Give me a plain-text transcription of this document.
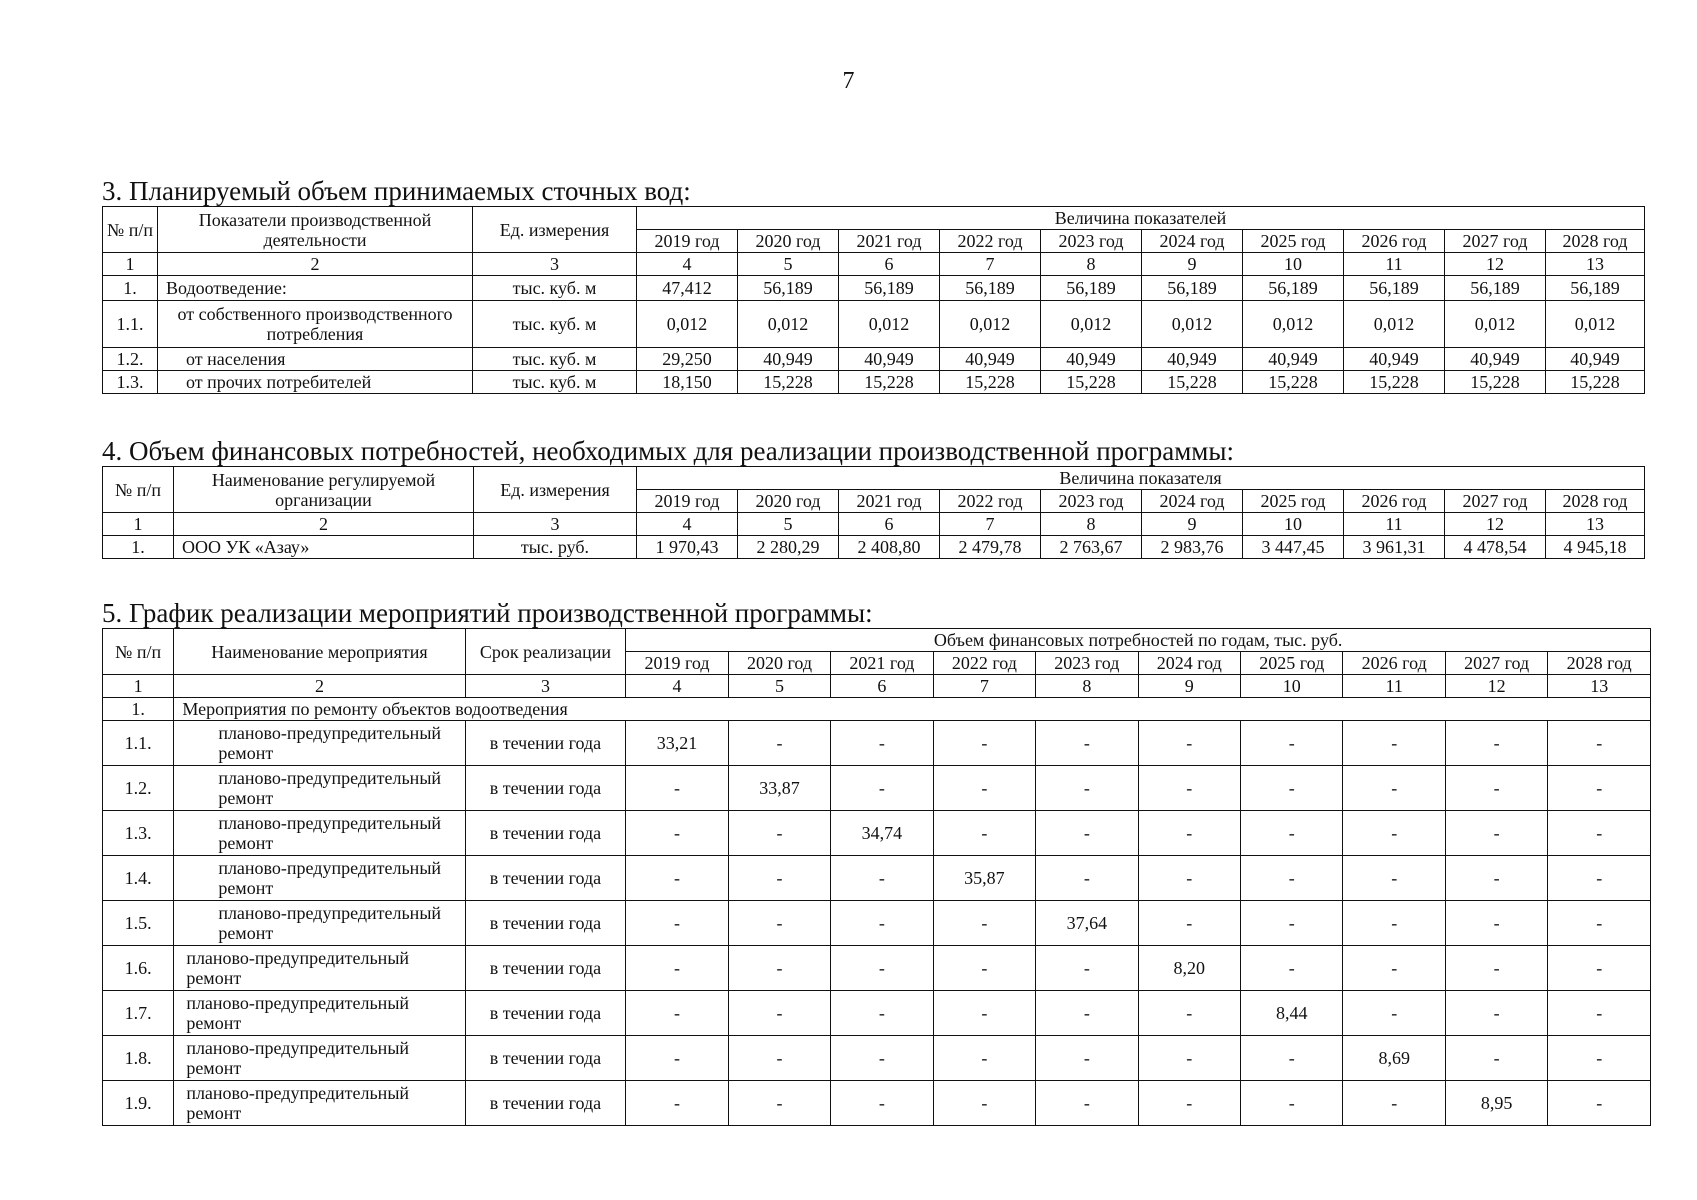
7
3. Планируемый объем принимаемых сточных вод:
№ п/п	Показатели производственной деятельности	Ед. измерения	Величина показателей									
			2019 год	2020 год	2021 год	2022 год	2023 год	2024 год	2025 год	2026 год	2027 год	2028 год
1	2	3	4	5	6	7	8	9	10	11	12	13
1.	Водоотведение:	тыс. куб. м	47,412	56,189	56,189	56,189	56,189	56,189	56,189	56,189	56,189	56,189
1.1.	от собственного производственного потребления	тыс. куб. м	0,012	0,012	0,012	0,012	0,012	0,012	0,012	0,012	0,012	0,012
1.2.	от населения	тыс. куб. м	29,250	40,949	40,949	40,949	40,949	40,949	40,949	40,949	40,949	40,949
1.3.	от прочих потребителей	тыс. куб. м	18,150	15,228	15,228	15,228	15,228	15,228	15,228	15,228	15,228	15,228
4. Объем финансовых потребностей, необходимых для реализации производственной программы:
№ п/п	Наименование регулируемой организации	Ед. измерения	Величина показателя									
			2019 год	2020 год	2021 год	2022 год	2023 год	2024 год	2025 год	2026 год	2027 год	2028 год
1	2	3	4	5	6	7	8	9	10	11	12	13
1.	ООО УК «Азау»	тыс. руб.	1 970,43	2 280,29	2 408,80	2 479,78	2 763,67	2 983,76	3 447,45	3 961,31	4 478,54	4 945,18
5. График реализации мероприятий производственной программы:
№ п/п	Наименование мероприятия	Срок реализации	Объем финансовых потребностей по годам, тыс. руб.									
			2019 год	2020 год	2021 год	2022 год	2023 год	2024 год	2025 год	2026 год	2027 год	2028 год
1	2	3	4	5	6	7	8	9	10	11	12	13
1.	Мероприятия по ремонту объектов водоотведения											
1.1.	планово-предупредительный ремонт	в течении года	33,21	-	-	-	-	-	-	-	-	-
1.2.	планово-предупредительный ремонт	в течении года	-	33,87	-	-	-	-	-	-	-	-
1.3.	планово-предупредительный ремонт	в течении года	-	-	34,74	-	-	-	-	-	-	-
1.4.	планово-предупредительный ремонт	в течении года	-	-	-	35,87	-	-	-	-	-	-
1.5.	планово-предупредительный ремонт	в течении года	-	-	-	-	37,64	-	-	-	-	-
1.6.	планово-предупредительный ремонт	в течении года	-	-	-	-	-	8,20	-	-	-	-
1.7.	планово-предупредительный ремонт	в течении года	-	-	-	-	-	-	8,44	-	-	-
1.8.	планово-предупредительный ремонт	в течении года	-	-	-	-	-	-	-	8,69	-	-
1.9.	планово-предупредительный ремонт	в течении года	-	-	-	-	-	-	-	-	8,95	-
